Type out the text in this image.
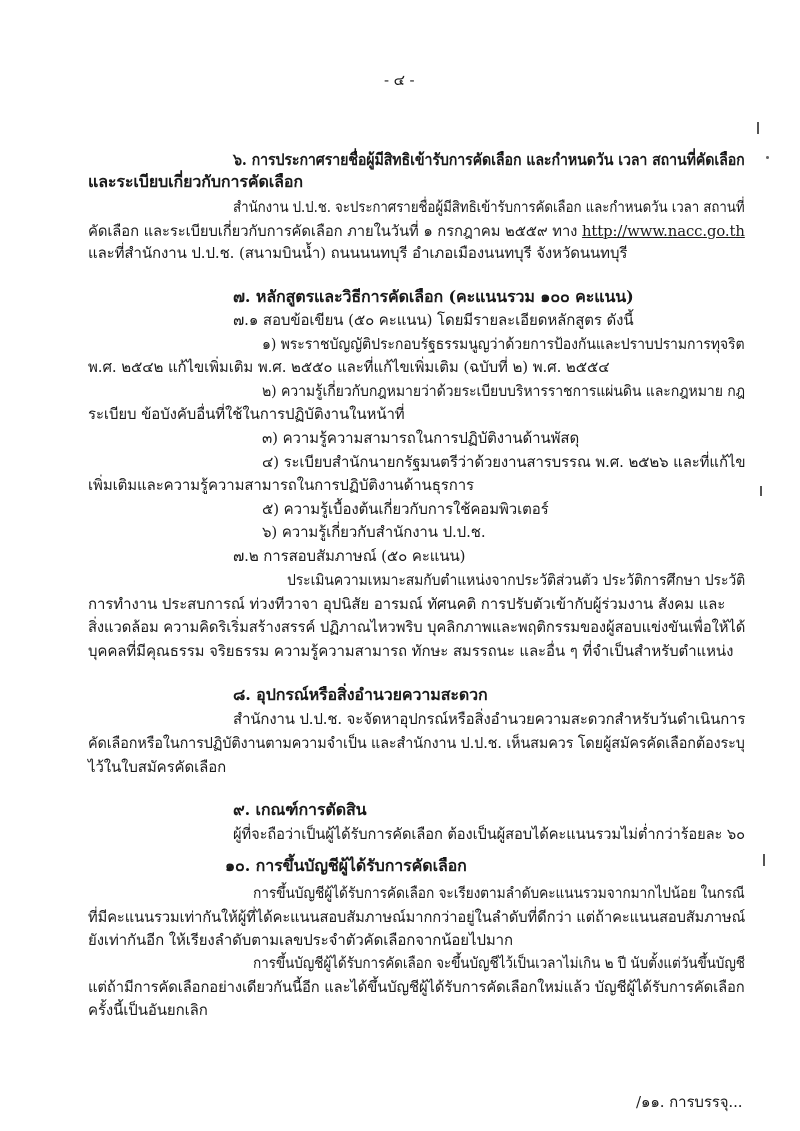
- ๔ -
๖. การประกาศรายชื่อผู้มีสิทธิเข้ารับการคัดเลือก และกำหนดวัน เวลา สถานที่คัดเลือก
และระเบียบเกี่ยวกับการคัดเลือก
สำนักงาน ป.ป.ช. จะประกาศรายชื่อผู้มีสิทธิเข้ารับการคัดเลือก และกำหนดวัน เวลา สถานที่
คัดเลือก และระเบียบเกี่ยวกับการคัดเลือก ภายในวันที่ ๑ กรกฎาคม ๒๕๕๙ ทาง http://www.nacc.go.th
และที่สำนักงาน ป.ป.ช. (สนามบินน้ำ) ถนนนนทบุรี อำเภอเมืองนนทบุรี จังหวัดนนทบุรี
๗. หลักสูตรและวิธีการคัดเลือก (คะแนนรวม ๑๐๐ คะแนน)
๗.๑ สอบข้อเขียน (๕๐ คะแนน) โดยมีรายละเอียดหลักสูตร ดังนี้
๑) พระราชบัญญัติประกอบรัฐธรรมนูญว่าด้วยการป้องกันและปราบปรามการทุจริต
พ.ศ. ๒๕๔๒ แก้ไขเพิ่มเติม พ.ศ. ๒๕๕๐ และที่แก้ไขเพิ่มเติม (ฉบับที่ ๒) พ.ศ. ๒๕๕๔
๒) ความรู้เกี่ยวกับกฎหมายว่าด้วยระเบียบบริหารราชการแผ่นดิน และกฎหมาย กฎ
ระเบียบ ข้อบังคับอื่นที่ใช้ในการปฏิบัติงานในหน้าที่
๓) ความรู้ความสามารถในการปฏิบัติงานด้านพัสดุ
๔) ระเบียบสำนักนายกรัฐมนตรีว่าด้วยงานสารบรรณ พ.ศ. ๒๕๒๖ และที่แก้ไข
เพิ่มเติมและความรู้ความสามารถในการปฏิบัติงานด้านธุรการ
๕) ความรู้เบื้องต้นเกี่ยวกับการใช้คอมพิวเตอร์
๖) ความรู้เกี่ยวกับสำนักงาน ป.ป.ช.
๗.๒ การสอบสัมภาษณ์ (๕๐ คะแนน)
ประเมินความเหมาะสมกับตำแหน่งจากประวัติส่วนตัว ประวัติการศึกษา ประวัติ
การทำงาน ประสบการณ์ ท่วงทีวาจา อุปนิสัย อารมณ์ ทัศนคติ การปรับตัวเข้ากับผู้ร่วมงาน สังคม และ
สิ่งแวดล้อม ความคิดริเริ่มสร้างสรรค์ ปฏิภาณไหวพริบ บุคลิกภาพและพฤติกรรมของผู้สอบแข่งขันเพื่อให้ได้
บุคคลที่มีคุณธรรม จริยธรรม ความรู้ความสามารถ ทักษะ สมรรถนะ และอื่น ๆ ที่จำเป็นสำหรับตำแหน่ง
๘. อุปกรณ์หรือสิ่งอำนวยความสะดวก
สำนักงาน ป.ป.ช. จะจัดหาอุปกรณ์หรือสิ่งอำนวยความสะดวกสำหรับวันดำเนินการ
คัดเลือกหรือในการปฏิบัติงานตามความจำเป็น และสำนักงาน ป.ป.ช. เห็นสมควร โดยผู้สมัครคัดเลือกต้องระบุ
ไว้ในใบสมัครคัดเลือก
๙. เกณฑ์การตัดสิน
ผู้ที่จะถือว่าเป็นผู้ได้รับการคัดเลือก ต้องเป็นผู้สอบได้คะแนนรวมไม่ต่ำกว่าร้อยละ ๖๐
๑๐. การขึ้นบัญชีผู้ได้รับการคัดเลือก
การขึ้นบัญชีผู้ได้รับการคัดเลือก จะเรียงตามลำดับคะแนนรวมจากมากไปน้อย ในกรณี
ที่มีคะแนนรวมเท่ากันให้ผู้ที่ได้คะแนนสอบสัมภาษณ์มากกว่าอยู่ในลำดับที่ดีกว่า แต่ถ้าคะแนนสอบสัมภาษณ์
ยังเท่ากันอีก ให้เรียงลำดับตามเลขประจำตัวคัดเลือกจากน้อยไปมาก
การขึ้นบัญชีผู้ได้รับการคัดเลือก จะขึ้นบัญชีไว้เป็นเวลาไม่เกิน ๒ ปี นับตั้งแต่วันขึ้นบัญชี
แต่ถ้ามีการคัดเลือกอย่างเดียวกันนี้อีก และได้ขึ้นบัญชีผู้ได้รับการคัดเลือกใหม่แล้ว บัญชีผู้ได้รับการคัดเลือก
ครั้งนี้เป็นอันยกเลิก
/๑๑. การบรรจุ...
